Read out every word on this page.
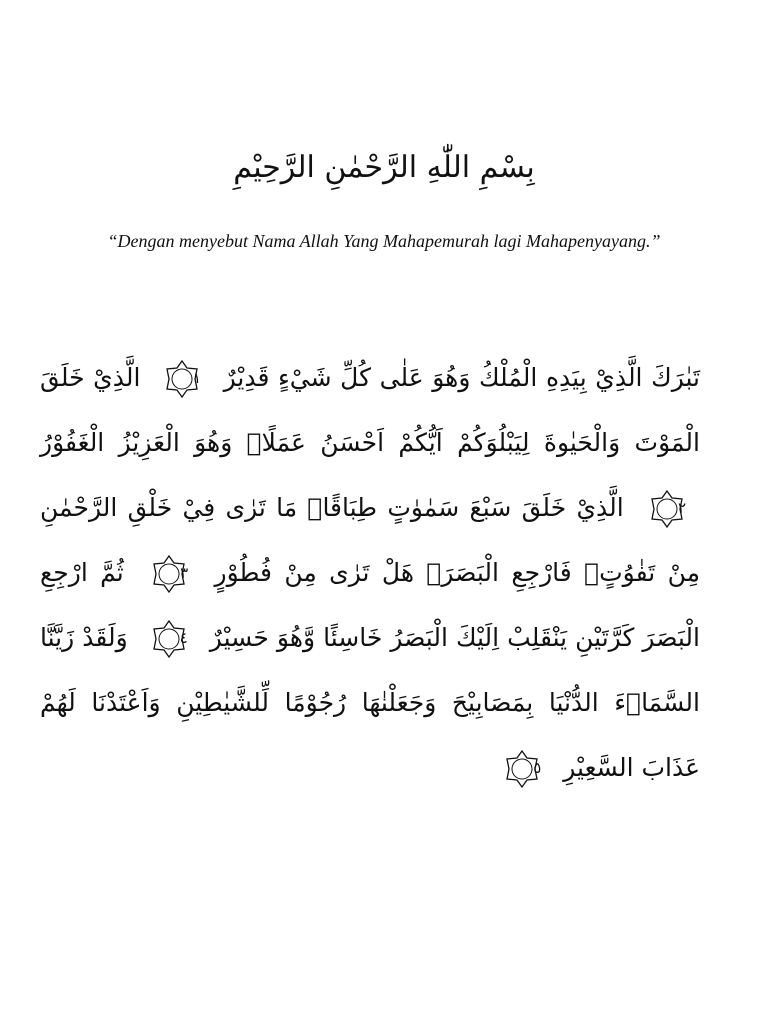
بِسْمِ اللّٰهِ الرَّحْمٰنِ الرَّحِيْمِ
“Dengan menyebut Nama Allah Yang Mahapemurah lagi Mahapenyayang.”
تَبٰرَكَ الَّذِيْ بِيَدِهِ الْمُلْكُ وَهُوَ عَلٰى كُلِّ شَيْءٍ قَدِيْرٌ
١
الَّذِيْ خَلَقَ الْمَوْتَ وَالْحَيٰوةَ لِيَبْلُوَكُمْ اَيُّكُمْ اَحْسَنُ عَمَلًاۗ وَهُوَ الْعَزِيْزُ الْغَفُوْرُ
٢
الَّذِيْ خَلَقَ سَبْعَ سَمٰوٰتٍ طِبَاقًاۗ مَا تَرٰى فِيْ خَلْقِ الرَّحْمٰنِ مِنْ تَفٰوُتٍۗ فَارْجِعِ الْبَصَرَۙ هَلْ تَرٰى مِنْ فُطُوْرٍ
٣
ثُمَّ ارْجِعِ الْبَصَرَ كَرَّتَيْنِ يَنْقَلِبْ اِلَيْكَ الْبَصَرُ خَاسِئًا وَّهُوَ حَسِيْرٌ
٤
وَلَقَدْ زَيَّنَّا السَّمَاۤءَ الدُّنْيَا بِمَصَابِيْحَ وَجَعَلْنٰهَا رُجُوْمًا لِّلشَّيٰطِيْنِ وَاَعْتَدْنَا لَهُمْ عَذَابَ السَّعِيْرِ
٥
